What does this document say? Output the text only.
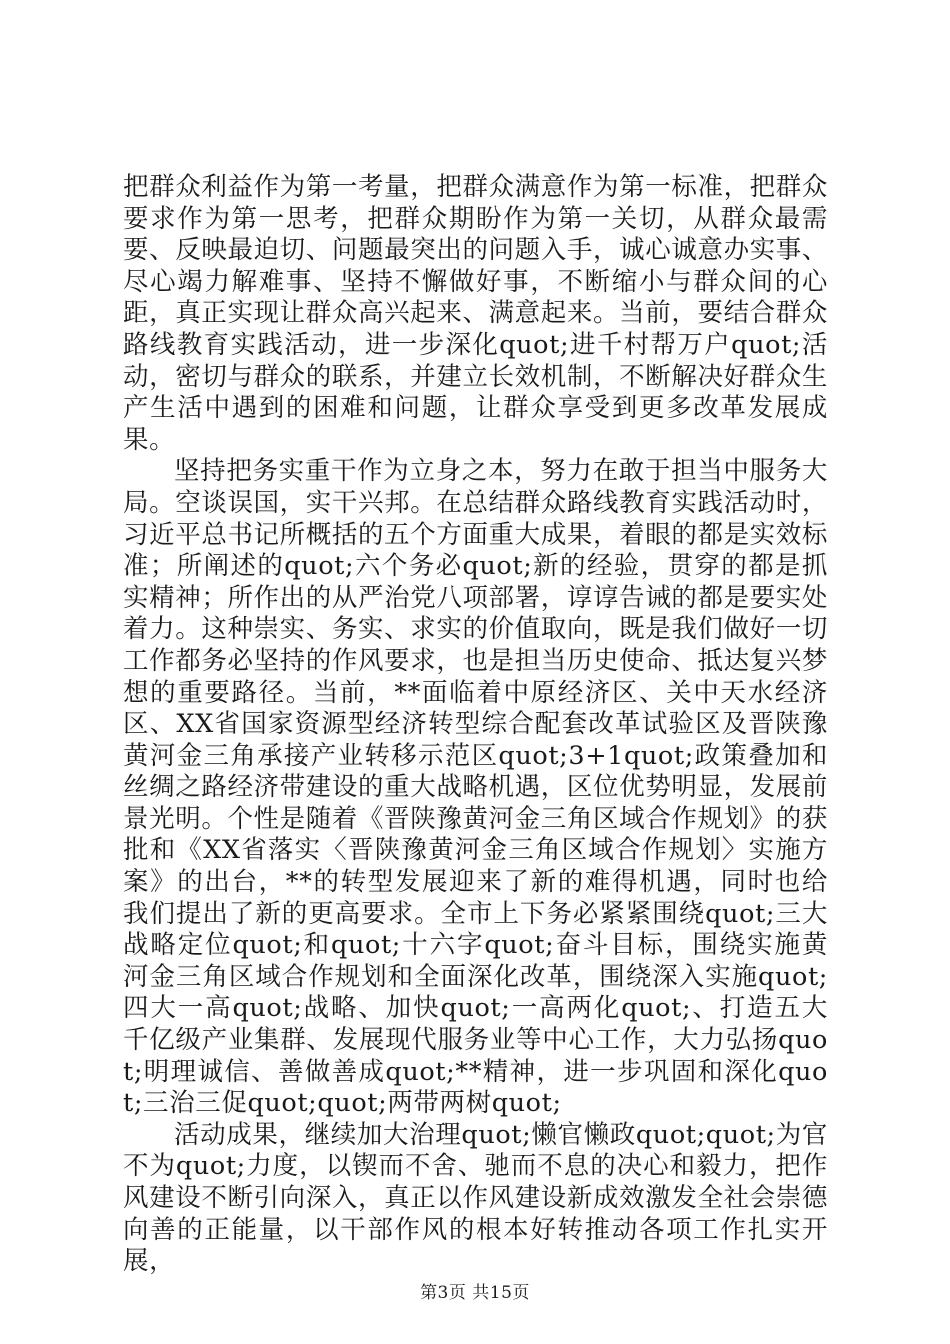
把群众利益作为第一考量，把群众满意作为第一标准，把群众要求作为第一思考，把群众期盼作为第一关切，从群众最需要、反映最迫切、问题最突出的问题入手，诚心诚意办实事、尽心竭力解难事、坚持不懈做好事，不断缩小与群众间的心距，真正实现让群众高兴起来、满意起来。当前，要结合群众路线教育实践活动，进一步深化quot;进千村帮万户quot;活动，密切与群众的联系，并建立长效机制，不断解决好群众生产生活中遇到的困难和问题，让群众享受到更多改革发展成果。

坚持把务实重干作为立身之本，努力在敢于担当中服务大局。空谈误国，实干兴邦。在总结群众路线教育实践活动时，习近平总书记所概括的五个方面重大成果，着眼的都是实效标准；所阐述的quot;六个务必quot;新的经验，贯穿的都是抓实精神；所作出的从严治党八项部署，谆谆告诫的都是要实处着力。这种崇实、务实、求实的价值取向，既是我们做好一切工作都务必坚持的作风要求，也是担当历史使命、抵达复兴梦想的重要路径。当前，**面临着中原经济区、关中天水经济区、XX省国家资源型经济转型综合配套改革试验区及晋陕豫黄河金三角承接产业转移示范区quot;3+1quot;政策叠加和丝绸之路经济带建设的重大战略机遇，区位优势明显，发展前景光明。个性是随着《晋陕豫黄河金三角区域合作规划》的获批和《XX省落实〈晋陕豫黄河金三角区域合作规划〉实施方案》的出台，**的转型发展迎来了新的难得机遇，同时也给我们提出了新的更高要求。全市上下务必紧紧围绕quot;三大战略定位quot;和quot;十六字quot;奋斗目标，围绕实施黄河金三角区域合作规划和全面深化改革，围绕深入实施quot;四大一高quot;战略、加快quot;一高两化quot;、打造五大千亿级产业集群、发展现代服务业等中心工作，大力弘扬quot;明理诚信、善做善成quot;**精神，进一步巩固和深化quot;三治三促quot;quot;两带两树quot;

活动成果，继续加大治理quot;懒官懒政quot;quot;为官不为quot;力度，以锲而不舍、驰而不息的决心和毅力，把作风建设不断引向深入，真正以作风建设新成效激发全社会崇德向善的正能量，以干部作风的根本好转推动各项工作扎实开展，

第3页 共15页
